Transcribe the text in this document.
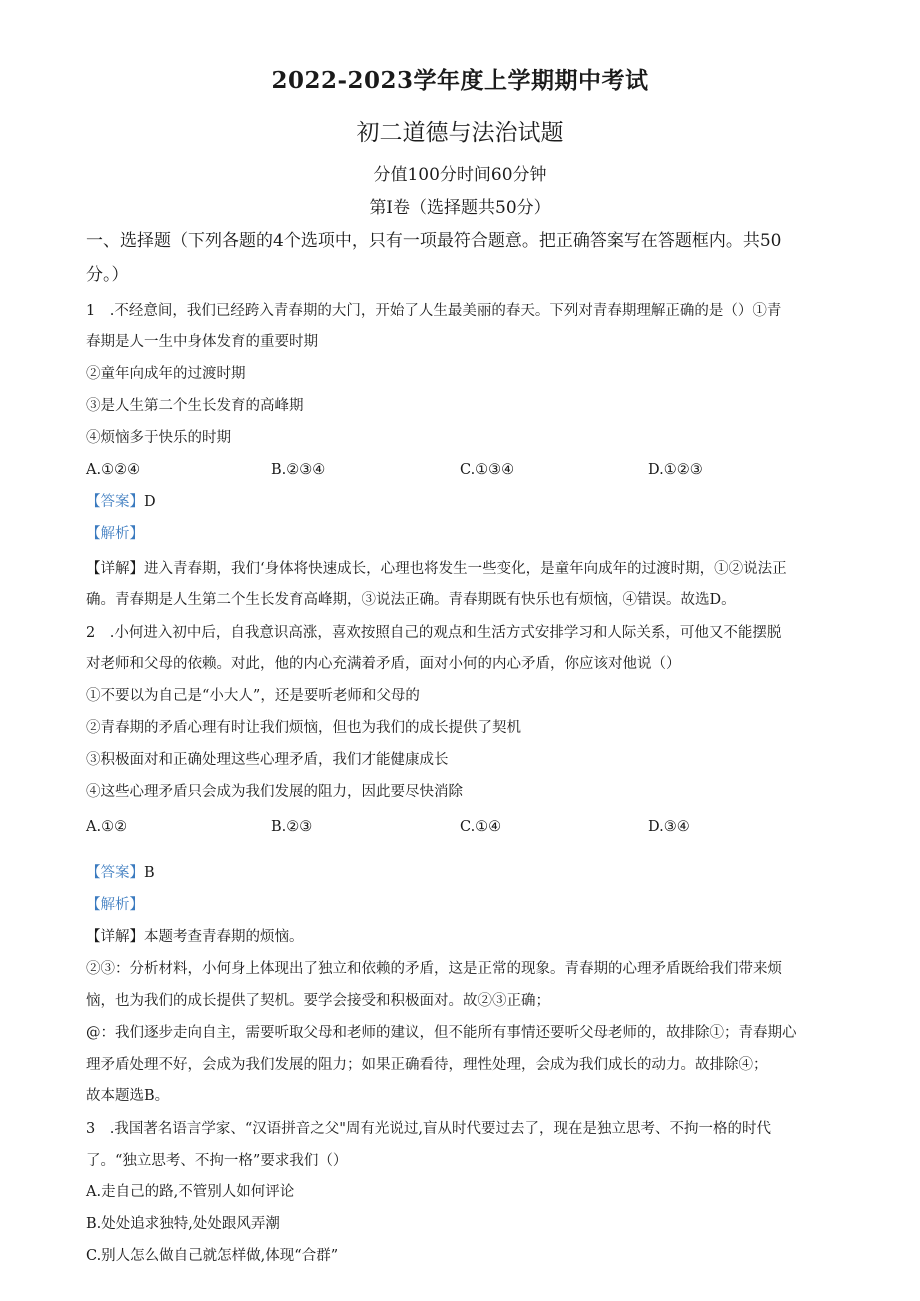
2022-2023学年度上学期期中考试
初二道德与法治试题
分值100分时间60分钟
第I卷（选择题共50分）
一、选择题（下列各题的4个选项中，只有一项最符合题意。把正确答案写在答题框内。共50
分。）
1　.不经意间，我们已经跨入青春期的大门，开始了人生最美丽的春天。下列对青春期理解正确的是（）①青
春期是人一生中身体发育的重要时期
②童年向成年的过渡时期
③是人生第二个生长发育的高峰期
④烦恼多于快乐的时期
A.①②④	B.②③④	C.①③④	D.①②③
【答案】D
【解析】
【详解】进入青春期，我们‘身体将快速成长，心理也将发生一些变化，是童年向成年的过渡时期，①②说法正
确。青春期是人生第二个生长发育高峰期，③说法正确。青春期既有快乐也有烦恼，④错误。故选D。
2　.小何进入初中后，自我意识高涨，喜欢按照自己的观点和生活方式安排学习和人际关系，可他又不能摆脱
对老师和父母的依赖。对此，他的内心充满着矛盾，面对小何的内心矛盾，你应该对他说（）
①不要以为自己是“小大人”，还是要听老师和父母的
②青春期的矛盾心理有时让我们烦恼，但也为我们的成长提供了契机
③积极面对和正确处理这些心理矛盾，我们才能健康成长
④这些心理矛盾只会成为我们发展的阻力，因此要尽快消除
A.①②	B.②③	C.①④	D.③④
【答案】B
【解析】
【详解】本题考查青春期的烦恼。
②③：分析材料，小何身上体现出了独立和依赖的矛盾，这是正常的现象。青春期的心理矛盾既给我们带来烦
恼，也为我们的成长提供了契机。要学会接受和积极面对。故②③正确；
@：我们逐步走向自主，需要听取父母和老师的建议，但不能所有事情还要听父母老师的，故排除①；青春期心
理矛盾处理不好，会成为我们发展的阻力；如果正确看待，理性处理，会成为我们成长的动力。故排除④；
故本题选B。
3　.我国著名语言学家、“汉语拼音之父"周有光说过,盲从时代要过去了，现在是独立思考、不拘一格的时代
了。“独立思考、不拘一格”要求我们（）
A.走自己的路,不管别人如何评论
B.处处追求独特,处处跟风弄潮
C.别人怎么做自己就怎样做,体现“合群”
